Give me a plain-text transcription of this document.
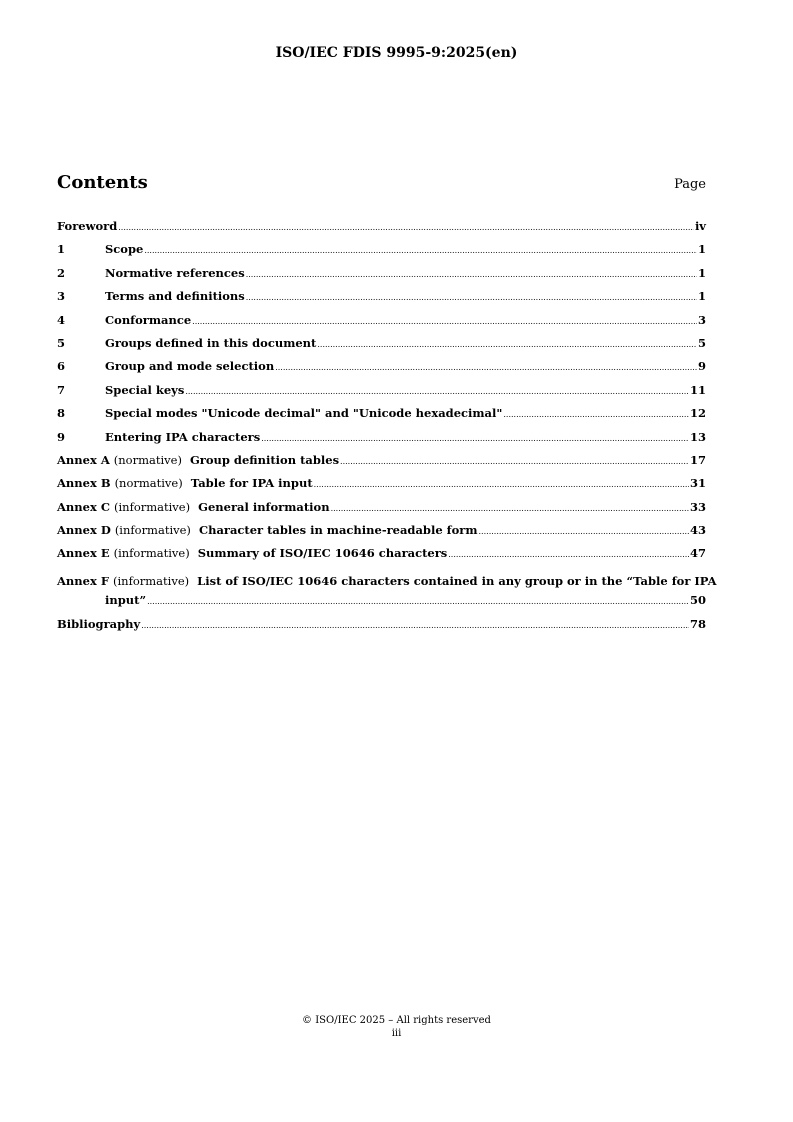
ISO/IEC FDIS 9995-9:2025(en)
Contents	Page
Foreword .....	iv
1	Scope .....	1
2	Normative references .....	1
3	Terms and definitions .....	1
4	Conformance .....	3
5	Groups defined in this document .....	5
6	Group and mode selection .....	9
7	Special keys .....	11
8	Special modes "Unicode decimal" and "Unicode hexadecimal" .....	12
9	Entering IPA characters .....	13
Annex A (normative) Group definition tables .....	17
Annex B (normative) Table for IPA input .....	31
Annex C (informative) General information .....	33
Annex D (informative) Character tables in machine-readable form .....	43
Annex E (informative) Summary of ISO/IEC 10646 characters .....	47
Annex F (informative) List of ISO/IEC 10646 characters contained in any group or in the “Table for IPA
input” .....	50
Bibliography .....	78
© ISO/IEC 2025 – All rights reserved
iii
